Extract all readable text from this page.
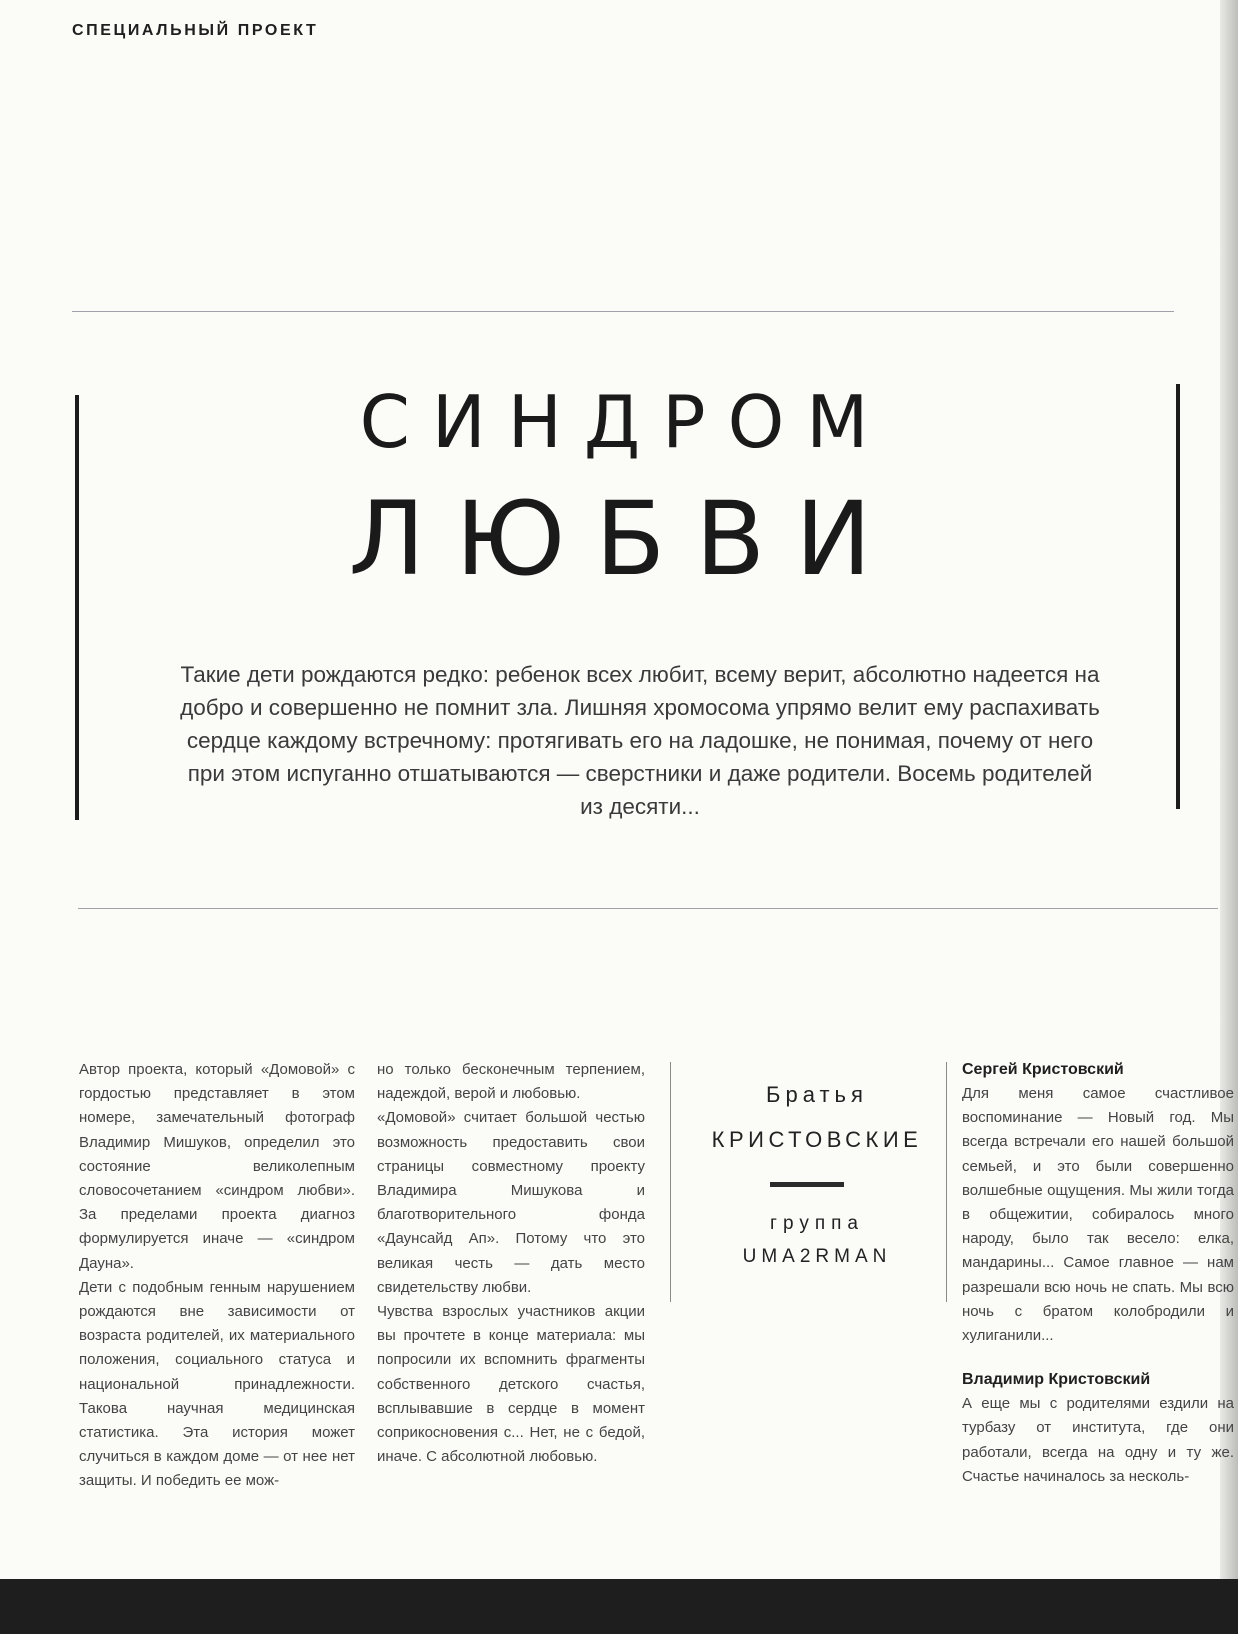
СПЕЦИАЛЬНЫЙ ПРОЕКТ

СИНДРОМ
ЛЮБВИ

Такие дети рождаются редко: ребенок всех любит, всему верит, абсолютно надеется на добро и совершенно не помнит зла. Лишняя хромосома упрямо велит ему распахивать сердце каждому встречному: протягивать его на ладошке, не понимая, почему от него при этом испуганно отшатываются — сверстники и даже родители. Восемь родителей из десяти...

Автор проекта, который «Домовой» с гордостью представляет в этом номере, замечательный фотограф Владимир Мишуков, определил это состояние великолепным словосочетанием «синдром любви». За пределами проекта диагноз формулируется иначе — «синдром Дауна».

Дети с подобным генным нарушением рождаются вне зависимости от возраста родителей, их материального положения, социального статуса и национальной принадлежности. Такова научная медицинская статистика. Эта история может случиться в каждом доме — от нее нет защиты. И победить ее мож-

но только бесконечным терпением, надеждой, верой и любовью.

«Домовой» считает большой честью возможность предоставить свои страницы совместному проекту Владимира Мишукова и благотворительного фонда «Даунсайд Ап». Потому что это великая честь — дать место свидетельству любви.

Чувства взрослых участников акции вы прочтете в конце материала: мы попросили их вспомнить фрагменты собственного детского счастья, всплывавшие в сердце в момент соприкосновения с... Нет, не с бедой, иначе. С абсолютной любовью.

Братья

КРИСТОВСКИЕ

группа

UMA2RMAN

Сергей Кристовский

Для меня самое счастливое воспоминание — Новый год. Мы всегда встречали его нашей большой семьей, и это были совершенно волшебные ощущения. Мы жили тогда в общежитии, собиралось много народу, было так весело: елка, мандарины... Самое главное — нам разрешали всю ночь не спать. Мы всю ночь с братом колобродили и хулиганили...

Владимир Кристовский

А еще мы с родителями ездили на турбазу от института, где они работали, всегда на одну и ту же. Счастье начиналось за несколь-
